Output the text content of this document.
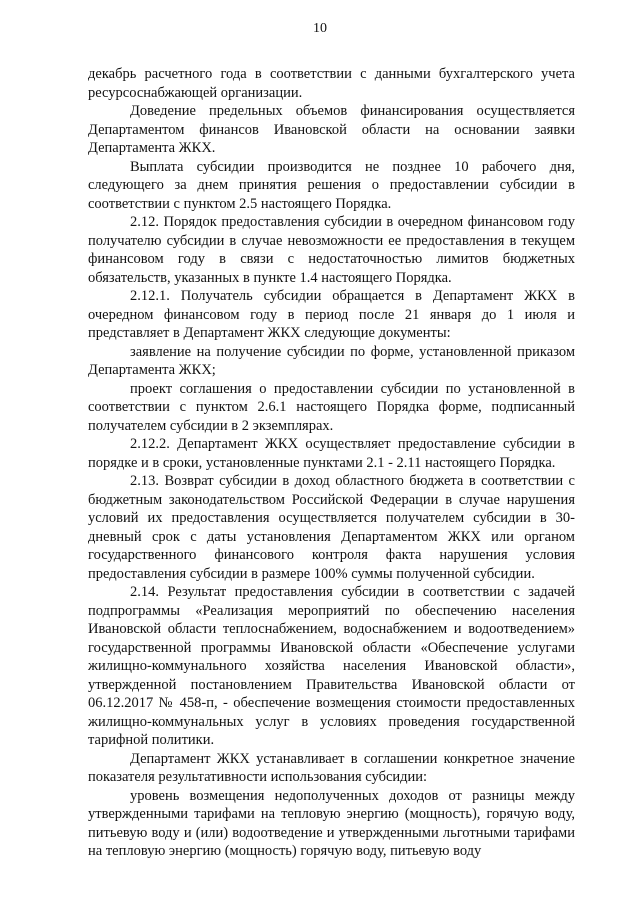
10

декабрь расчетного года в соответствии с данными бухгалтерского учета ресурсоснабжающей организации.

Доведение предельных объемов финансирования осуществляется Департаментом финансов Ивановской области на основании заявки Департамента ЖКХ.

Выплата субсидии производится не позднее 10 рабочего дня, следующего за днем принятия решения о предоставлении субсидии в соответствии с пунктом 2.5 настоящего Порядка.

2.12. Порядок предоставления субсидии в очередном финансовом году получателю субсидии в случае невозможности ее предоставления в текущем финансовом году в связи с недостаточностью лимитов бюджетных обязательств, указанных в пункте 1.4 настоящего Порядка.

2.12.1. Получатель субсидии обращается в Департамент ЖКХ в очередном финансовом году в период после 21 января до 1 июля и представляет в Департамент ЖКХ следующие документы:

заявление на получение субсидии по форме, установленной приказом Департамента ЖКХ;

проект соглашения о предоставлении субсидии по установленной в соответствии с пунктом 2.6.1 настоящего Порядка форме, подписанный получателем субсидии в 2 экземплярах.

2.12.2. Департамент ЖКХ осуществляет предоставление субсидии в порядке и в сроки, установленные пунктами 2.1 - 2.11 настоящего Порядка.

2.13. Возврат субсидии в доход областного бюджета в соответствии с бюджетным законодательством Российской Федерации в случае нарушения условий их предоставления осуществляется получателем субсидии в 30-дневный срок с даты установления Департаментом ЖКХ или органом государственного финансового контроля факта нарушения условия предоставления субсидии в размере 100% суммы полученной субсидии.

2.14. Результат предоставления субсидии в соответствии с задачей подпрограммы «Реализация мероприятий по обеспечению населения Ивановской области теплоснабжением, водоснабжением и водоотведением» государственной программы Ивановской области «Обеспечение услугами жилищно-коммунального хозяйства населения Ивановской области», утвержденной постановлением Правительства Ивановской области от 06.12.2017 № 458-п, - обеспечение возмещения стоимости предоставленных жилищно-коммунальных услуг в условиях проведения государственной тарифной политики.

Департамент ЖКХ устанавливает в соглашении конкретное значение показателя результативности использования субсидии:

уровень возмещения недополученных доходов от разницы между утвержденными тарифами на тепловую энергию (мощность), горячую воду, питьевую воду и (или) водоотведение и утвержденными льготными тарифами на тепловую энергию (мощность) горячую воду, питьевую воду
